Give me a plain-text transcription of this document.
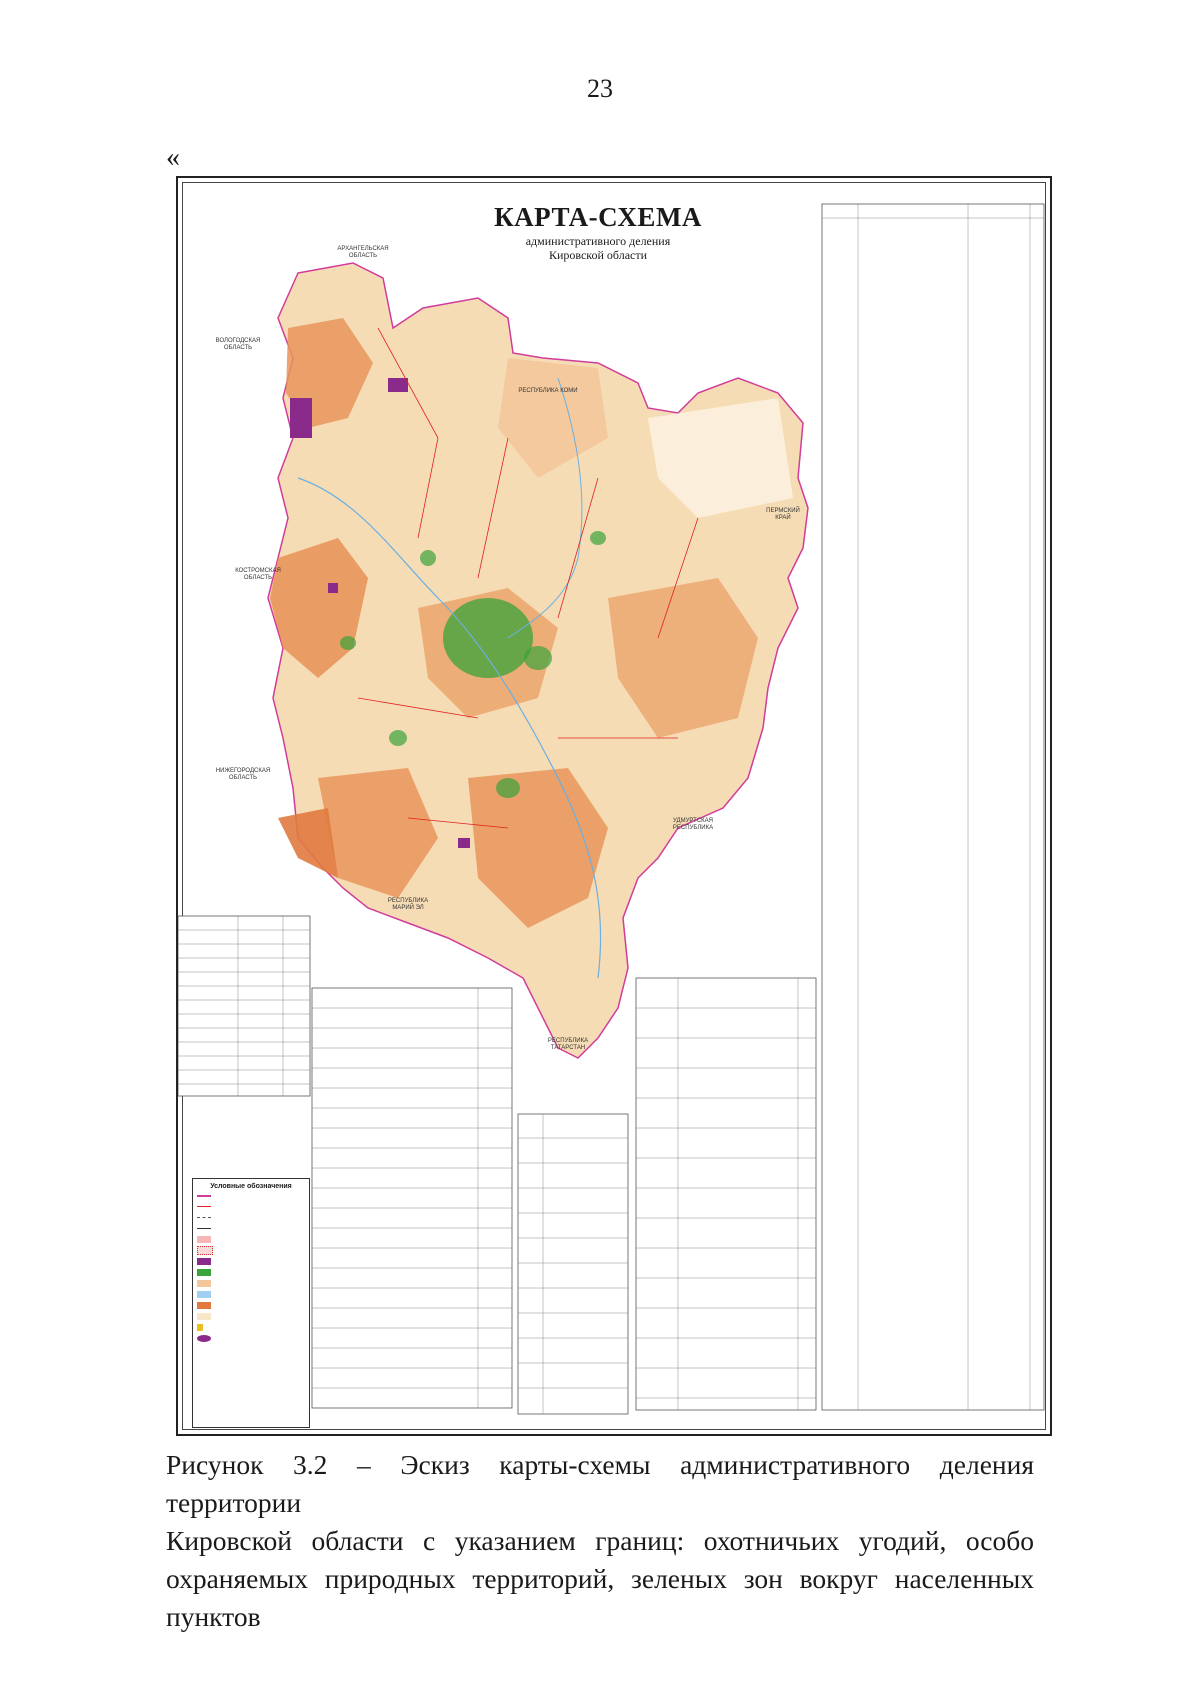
23
«
КАРТА-СХЕМА
административного деления
Кировской области
АРХАНГЕЛЬСКАЯ ОБЛАСТЬ
ВОЛОГОДСКАЯ ОБЛАСТЬ
РЕСПУБЛИКА КОМИ
ПЕРМСКИЙ КРАЙ
КОСТРОМСКАЯ ОБЛАСТЬ
НИЖЕГОРОДСКАЯ ОБЛАСТЬ
УДМУРТСКАЯ РЕСПУБЛИКА
РЕСПУБЛИКА МАРИЙ ЭЛ
РЕСПУБЛИКА ТАТАРСТАН
Условные обозначения
Рисунок 3.2 – Эскиз карты-схемы административного деления территории
Кировской области с указанием границ: охотничьих угодий, особо
охраняемых природных территорий, зеленых зон вокруг населенных пунктов
